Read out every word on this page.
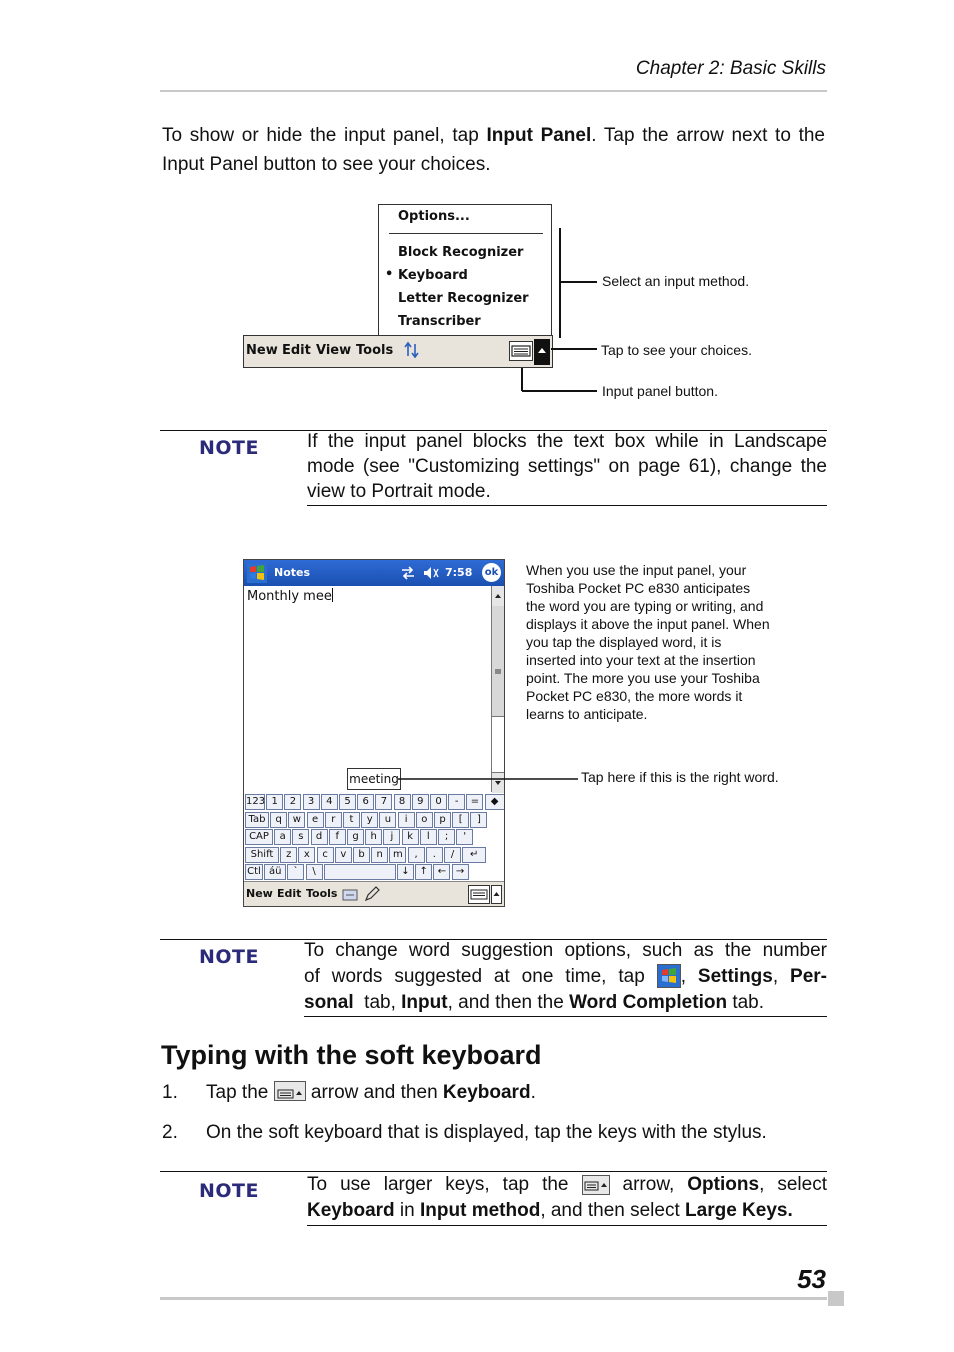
Chapter 2: Basic Skills
To show or hide the input panel, tap Input Panel. Tap the arrow next to the Input Panel button to see your choices.
Options...
Block Recognizer
• Keyboard
Letter Recognizer
Transcriber
New Edit View Tools
Select an input method.
Tap to see your choices.
Input panel button.
NOTE	If the input panel blocks the text box while in Landscape mode (see "Customizing settings" on page 61), change the view to Portrait mode.
Notes	7:58 ok
Monthly mee
meeting
123 1	2	3	4	5	6	7	8	9	0	-	=	◆
Tab	q	w	e	r	t	y	u	i	o	p	[	]
CAP	a	s	d	f	g	h	j	k	l	;	'
Shift	z	x	c	v	b	n	m	,	.	/	↵
Ctl áü	`	\	↓ ↑ ← →
New Edit Tools
When you use the input panel, your Toshiba Pocket PC e830 anticipates the word you are typing or writing, and displays it above the input panel. When you tap the displayed word, it is inserted into your text at the insertion point. The more you use your Toshiba Pocket PC e830, the more words it learns to anticipate.
Tap here if this is the right word.
NOTE To change word suggestion options, such as the number
of words suggested at one time, tap , Settings, Per-
sonal  tab, Input, and then the Word Completion tab.
Typing with the soft keyboard
1. Tap the  arrow and then Keyboard.
2. On the soft keyboard that is displayed, tap the keys with the stylus.
NOTE	To use larger keys, tap the  arrow, Options, select
Keyboard in Input method, and then select Large Keys.
53
